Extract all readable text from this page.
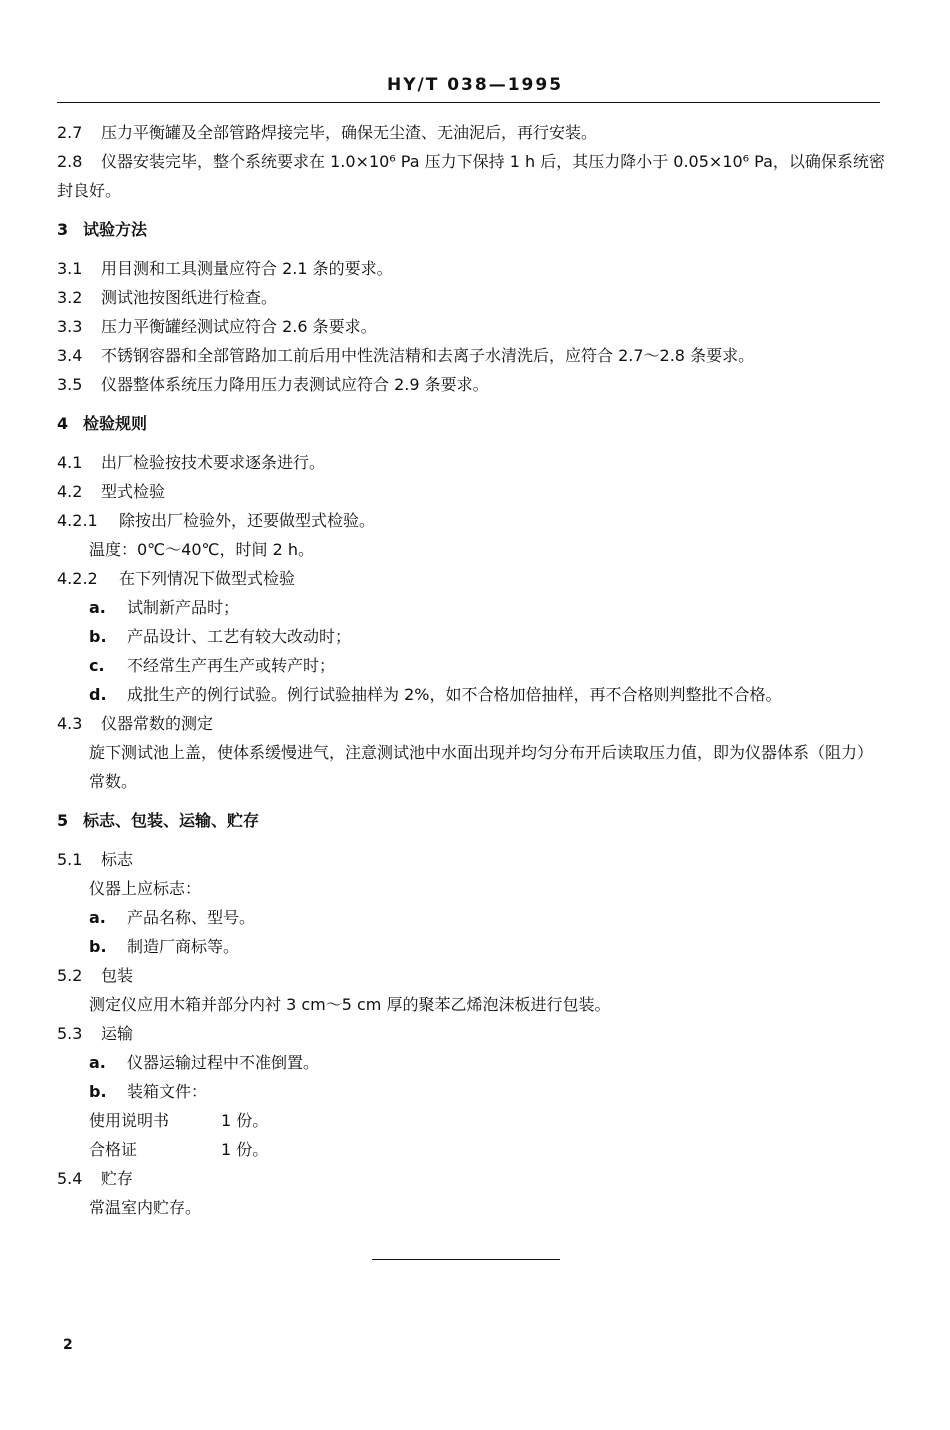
HY/T 038—1995
2.7 压力平衡罐及全部管路焊接完毕，确保无尘渣、无油泥后，再行安装。
2.8 仪器安装完毕，整个系统要求在 1.0×10⁶ Pa 压力下保持 1 h 后，其压力降小于 0.05×10⁶ Pa，以确保系统密封良好。
3 试验方法
3.1 用目测和工具测量应符合 2.1 条的要求。
3.2 测试池按图纸进行检查。
3.3 压力平衡罐经测试应符合 2.6 条要求。
3.4 不锈钢容器和全部管路加工前后用中性洗洁精和去离子水清洗后，应符合 2.7～2.8 条要求。
3.5 仪器整体系统压力降用压力表测试应符合 2.9 条要求。
4 检验规则
4.1 出厂检验按技术要求逐条进行。
4.2 型式检验
4.2.1 除按出厂检验外，还要做型式检验。
温度：0℃～40℃，时间 2 h。
4.2.2 在下列情况下做型式检验
a. 试制新产品时；
b. 产品设计、工艺有较大改动时；
c. 不经常生产再生产或转产时；
d. 成批生产的例行试验。例行试验抽样为 2%，如不合格加倍抽样，再不合格则判整批不合格。
4.3 仪器常数的测定
旋下测试池上盖，使体系缓慢进气，注意测试池中水面出现并均匀分布开后读取压力值，即为仪器体系（阻力）常数。
5 标志、包装、运输、贮存
5.1 标志
仪器上应标志：
a. 产品名称、型号。
b. 制造厂商标等。
5.2 包装
测定仪应用木箱并部分内衬 3 cm～5 cm 厚的聚苯乙烯泡沫板进行包装。
5.3 运输
a. 仪器运输过程中不准倒置。
b. 装箱文件：
使用说明书	1 份。
合格证	1 份。
5.4 贮存
常温室内贮存。
2
